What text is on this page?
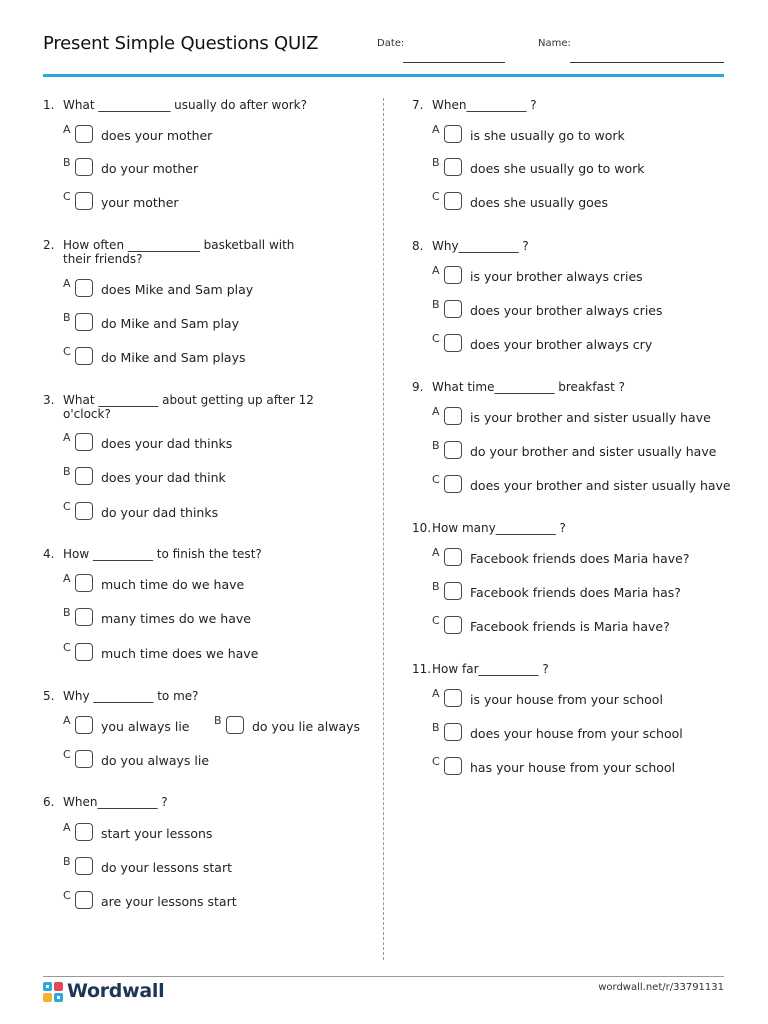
Present Simple Questions QUIZ	Date:	Name:
1. What ____________ usually do after work?
A does your mother
B do your mother
C your mother
2. How often ____________ basketball with their friends?
A does Mike and Sam play
B do Mike and Sam play
C do Mike and Sam plays
3. What __________ about getting up after 12 o'clock?
A does your dad thinks
B does your dad think
C do your dad thinks
4. How __________ to finish the test?
A much time do we have
B many times do we have
C much time does we have
5. Why __________ to me?
A you always lie B do you lie always
C do you always lie
6. When__________ ?
A start your lessons
B do your lessons start
C are your lessons start
7. When__________ ?
A is she usually go to work
B does she usually go to work
C does she usually goes
8. Why__________ ?
A is your brother always cries
B does your brother always cries
C does your brother always cry
9. What time__________ breakfast ?
A is your brother and sister usually have
B do your brother and sister usually have
C does your brother and sister usually have
10. How many__________ ?
A Facebook friends does Maria have?
B Facebook friends does Maria has?
C Facebook friends is Maria have?
11. How far__________ ?
A is your house from your school
B does your house from your school
C has your house from your school
Wordwall	wordwall.net/r/33791131
